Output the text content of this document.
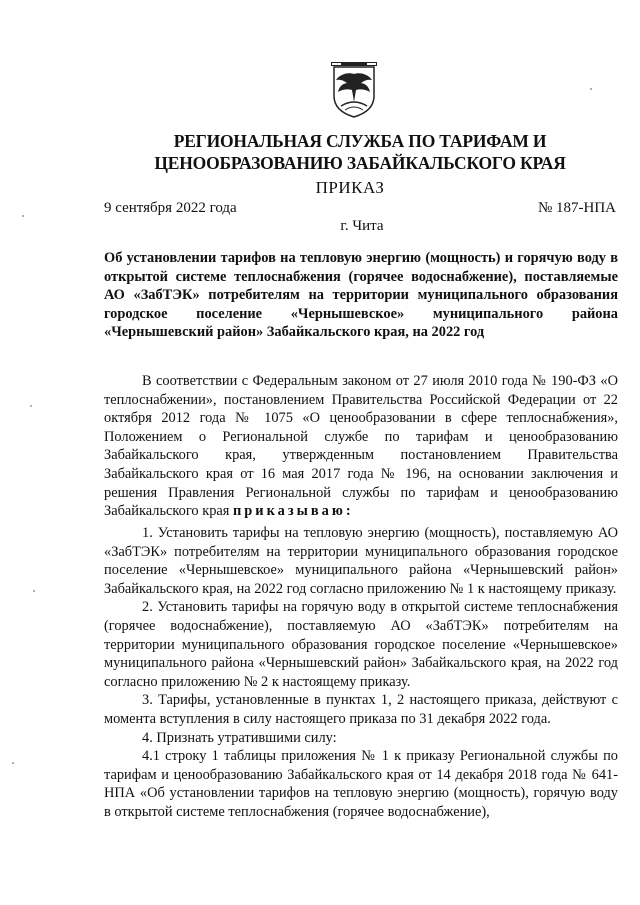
РЕГИОНАЛЬНАЯ СЛУЖБА ПО ТАРИФАМ И
ЦЕНООБРАЗОВАНИЮ ЗАБАЙКАЛЬСКОГО КРАЯ
ПРИКАЗ
9 сентября 2022 года	№ 187-НПА
г. Чита
Об установлении тарифов на тепловую энергию (мощность) и горячую воду в открытой системе теплоснабжения (горячее водоснабжение), поставляемые АО «ЗабТЭК» потребителям на территории муниципального образования городское поселение «Чернышевское» муниципального района «Чернышевский район» Забайкальского края, на 2022 год
В соответствии с Федеральным законом от 27 июля 2010 года № 190-ФЗ «О теплоснабжении», постановлением Правительства Российской Федерации от 22 октября 2012 года № 1075 «О ценообразовании в сфере теплоснабжения», Положением о Региональной службе по тарифам и ценообразованию Забайкальского края, утвержденным постановлением Правительства Забайкальского края от 16 мая 2017 года № 196, на основании заключения и решения Правления Региональной службы по тарифам и ценообразованию Забайкальского края приказываю:

1. Установить тарифы на тепловую энергию (мощность), поставляемую АО «ЗабТЭК» потребителям на территории муниципального образования городское поселение «Чернышевское» муниципального района «Чернышевский район» Забайкальского края, на 2022 год согласно приложению № 1 к настоящему приказу.

2. Установить тарифы на горячую воду в открытой системе теплоснабжения (горячее водоснабжение), поставляемую АО «ЗабТЭК» потребителям на территории муниципального образования городское поселение «Чернышевское» муниципального района «Чернышевский район» Забайкальского края, на 2022 год согласно приложению № 2 к настоящему приказу.

3. Тарифы, установленные в пунктах 1, 2 настоящего приказа, действуют с момента вступления в силу настоящего приказа по 31 декабря 2022 года.

4. Признать утратившими силу:

4.1 строку 1 таблицы приложения № 1 к приказу Региональной службы по тарифам и ценообразованию Забайкальского края от 14 декабря 2018 года № 641-НПА «Об установлении тарифов на тепловую энергию (мощность), горячую воду в открытой системе теплоснабжения (горячее водоснабжение),
